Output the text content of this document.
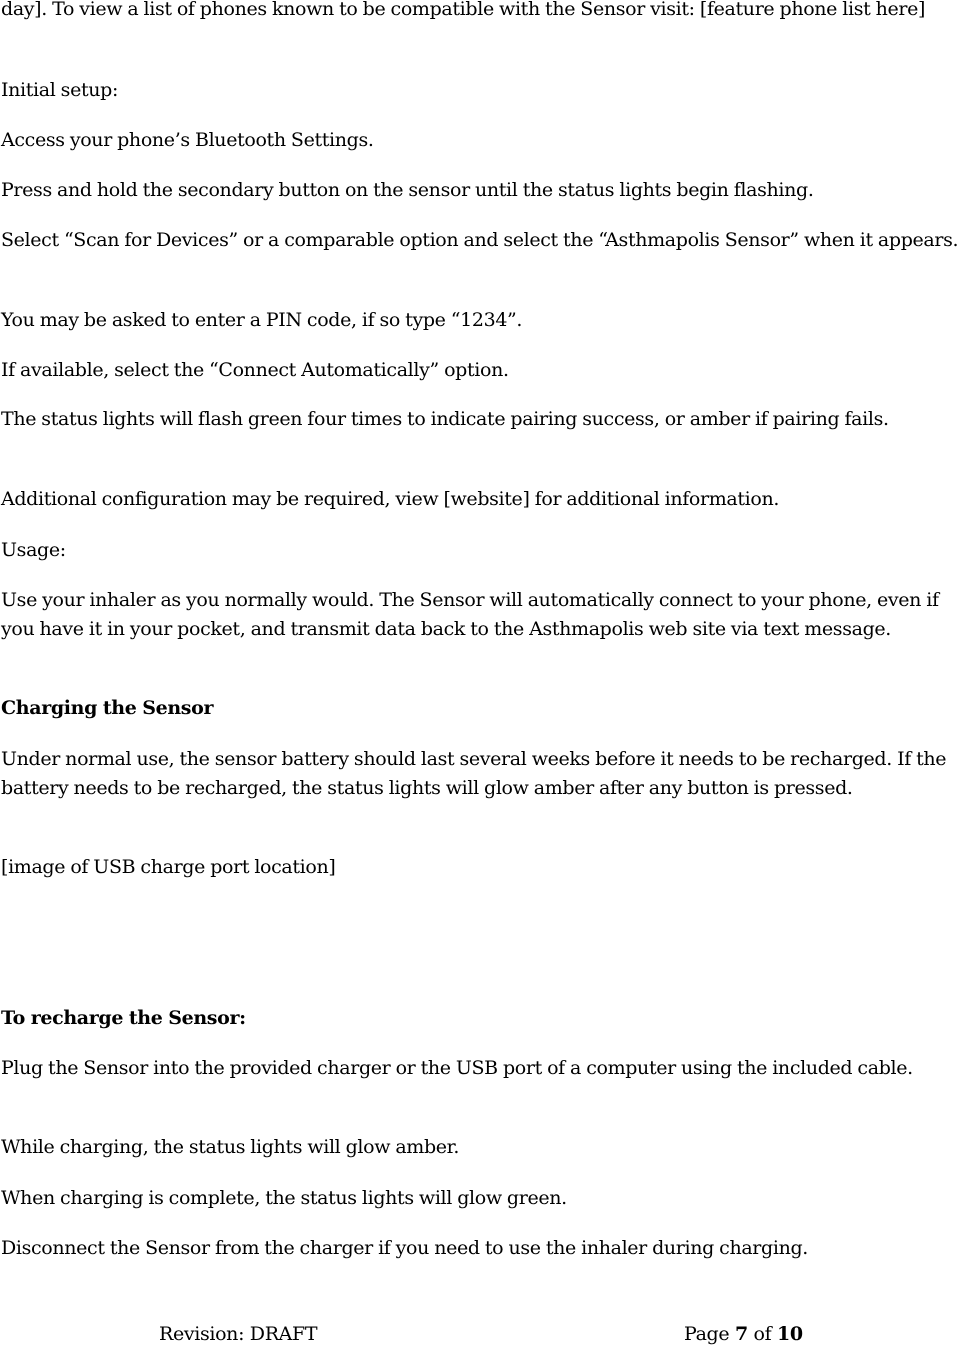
day]. To view a list of phones known to be compatible with the Sensor visit: [feature phone list here]

Initial setup:

Access your phone’s Bluetooth Settings.

Press and hold the secondary button on the sensor until the status lights begin flashing.

Select “Scan for Devices” or a comparable option and select the “Asthmapolis Sensor” when it appears.

You may be asked to enter a PIN code, if so type “1234”.

If available, select the “Connect Automatically” option.

The status lights will flash green four times to indicate pairing success, or amber if pairing fails.

Additional configuration may be required, view [website] for additional information.

Usage:

Use your inhaler as you normally would. The Sensor will automatically connect to your phone, even if you have it in your pocket, and transmit data back to the Asthmapolis web site via text message.

Charging the Sensor

Under normal use, the sensor battery should last several weeks before it needs to be recharged. If the battery needs to be recharged, the status lights will glow amber after any button is pressed.

[image of USB charge port location]

To recharge the Sensor:

Plug the Sensor into the provided charger or the USB port of a computer using the included cable.

While charging, the status lights will glow amber.

When charging is complete, the status lights will glow green.

Disconnect the Sensor from the charger if you need to use the inhaler during charging.

Revision: DRAFT	Page 7 of 10
